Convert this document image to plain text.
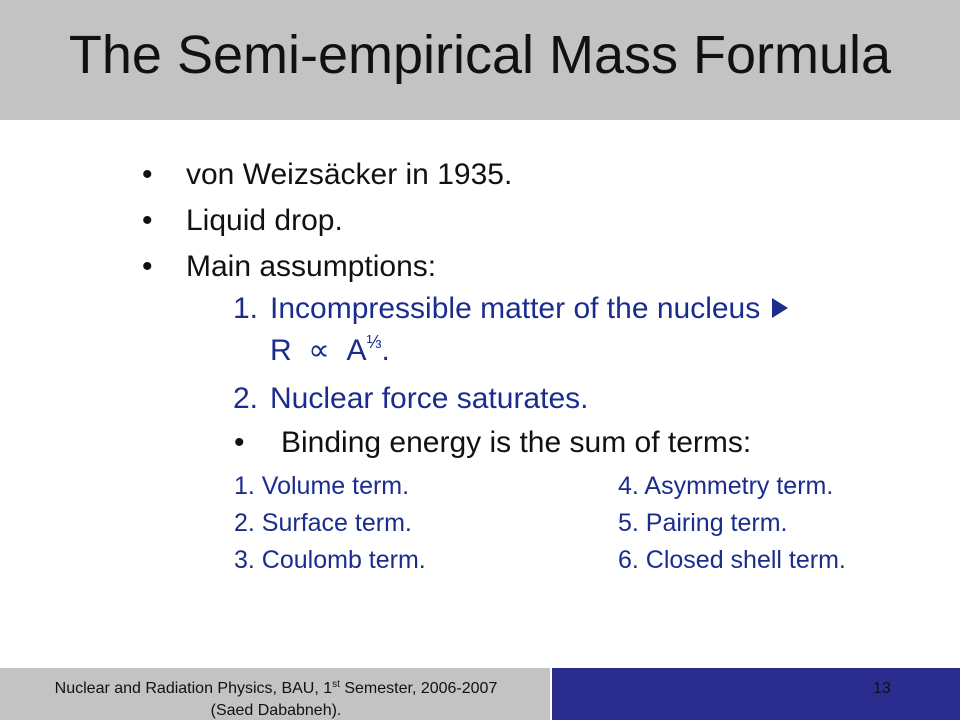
The Semi-empirical Mass Formula
•	von Weizsäcker in 1935.
•	Liquid drop.
•	Main assumptions:
1. Incompressible matter of the nucleus
$R \propto A^{\frac{1}{3}}$.
2. Nuclear force saturates.
•	Binding energy is the sum of terms:
1. Volume term.
2. Surface term.
3. Coulomb term.
4. Asymmetry term.
5. Pairing term.
6. Closed shell term.
Nuclear and Radiation Physics, BAU, 1st Semester, 2006-2007
(Saed Dababneh).
13
